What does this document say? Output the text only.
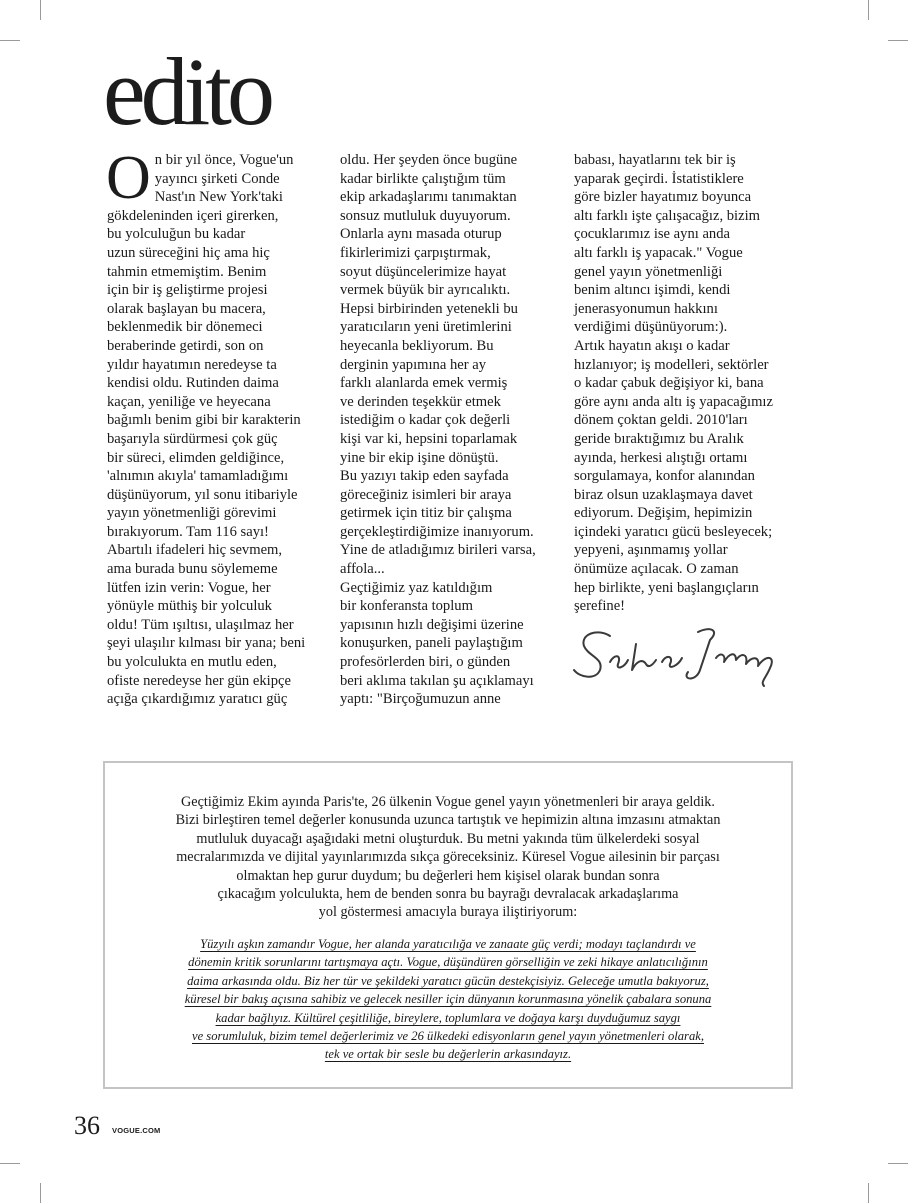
edito

O n bir yıl önce, Vogue'un
yayıncı şirketi Conde
Nast'ın New York'taki
gökdeleninden içeri girerken,
bu yolculuğun bu kadar
uzun süreceğini hiç ama hiç
tahmin etmemiştim. Benim
için bir iş geliştirme projesi
olarak başlayan bu macera,
beklenmedik bir dönemeci
beraberinde getirdi, son on
yıldır hayatımın neredeyse ta
kendisi oldu. Rutinden daima
kaçan, yeniliğe ve heyecana
bağımlı benim gibi bir karakterin
başarıyla sürdürmesi çok güç
bir süreci, elimden geldiğince,
'alnımın akıyla' tamamladığımı
düşünüyorum, yıl sonu itibariyle
yayın yönetmenliği görevimi
bırakıyorum. Tam 116 sayı!
Abartılı ifadeleri hiç sevmem,
ama burada bunu söylememe
lütfen izin verin: Vogue, her
yönüyle müthiş bir yolculuk
oldu! Tüm ışıltısı, ulaşılmaz her
şeyi ulaşılır kılması bir yana; beni
bu yolculukta en mutlu eden,
ofiste neredeyse her gün ekipçe
açığa çıkardığımız yaratıcı güç

oldu. Her şeyden önce bugüne
kadar birlikte çalıştığım tüm
ekip arkadaşlarımı tanımaktan
sonsuz mutluluk duyuyorum.
Onlarla aynı masada oturup
fikirlerimizi çarpıştırmak,
soyut düşüncelerimize hayat
vermek büyük bir ayrıcalıktı.
Hepsi birbirinden yetenekli bu
yaratıcıların yeni üretimlerini
heyecanla bekliyorum. Bu
derginin yapımına her ay
farklı alanlarda emek vermiş
ve derinden teşekkür etmek
istediğim o kadar çok değerli
kişi var ki, hepsini toparlamak
yine bir ekip işine dönüştü.
Bu yazıyı takip eden sayfada
göreceğiniz isimleri bir araya
getirmek için titiz bir çalışma
gerçekleştirdiğimize inanıyorum.
Yine de atladığımız birileri varsa,
affola...
Geçtiğimiz yaz katıldığım
bir konferansta toplum
yapısının hızlı değişimi üzerine
konuşurken, paneli paylaştığım
profesörlerden biri, o günden
beri aklıma takılan şu açıklamayı
yaptı: "Birçoğumuzun anne

babası, hayatlarını tek bir iş
yaparak geçirdi. İstatistiklere
göre bizler hayatımız boyunca
altı farklı işte çalışacağız, bizim
çocuklarımız ise aynı anda
altı farklı iş yapacak." Vogue
genel yayın yönetmenliği
benim altıncı işimdi, kendi
jenerasyonumun hakkını
verdiğimi düşünüyorum:).
Artık hayatın akışı o kadar
hızlanıyor; iş modelleri, sektörler
o kadar çabuk değişiyor ki, bana
göre aynı anda altı iş yapacağımız
dönem çoktan geldi. 2010'ları
geride bıraktığımız bu Aralık
ayında, herkesi alıştığı ortamı
sorgulamaya, konfor alanından
biraz olsun uzaklaşmaya davet
ediyorum. Değişim, hepimizin
içindeki yaratıcı gücü besleyecek;
yepyeni, aşınmamış yollar
önümüze açılacak. O zaman
hep birlikte, yeni başlangıçların
şerefine!

Geçtiğimiz Ekim ayında Paris'te, 26 ülkenin Vogue genel yayın yönetmenleri bir araya geldik.
Bizi birleştiren temel değerler konusunda uzunca tartıştık ve hepimizin altına imzasını atmaktan
mutluluk duyacağı aşağıdaki metni oluşturduk. Bu metni yakında tüm ülkelerdeki sosyal
mecralarımızda ve dijital yayınlarımızda sıkça göreceksiniz. Küresel Vogue ailesinin bir parçası
olmaktan hep gurur duydum; bu değerleri hem kişisel olarak bundan sonra
çıkacağım yolculukta, hem de benden sonra bu bayrağı devralacak arkadaşlarıma
yol göstermesi amacıyla buraya iliştiriyorum:
Yüzyılı aşkın zamandır Vogue, her alanda yaratıcılığa ve zanaate güç verdi; modayı taçlandırdı ve
dönemin kritik sorunlarını tartışmaya açtı. Vogue, düşündüren görselliğin ve zeki hikaye anlatıcılığının
daima arkasında oldu. Biz her tür ve şekildeki yaratıcı gücün destekçisiyiz. Geleceğe umutla bakıyoruz,
küresel bir bakış açısına sahibiz ve gelecek nesiller için dünyanın korunmasına yönelik çabalara sonuna
kadar bağlıyız. Kültürel çeşitliliğe, bireylere, toplumlara ve doğaya karşı duyduğumuz saygı
ve sorumluluk, bizim temel değerlerimiz ve 26 ülkedeki edisyonların genel yayın yönetmenleri olarak,
tek ve ortak bir sesle bu değerlerin arkasındayız.
36 VOGUE.COM
